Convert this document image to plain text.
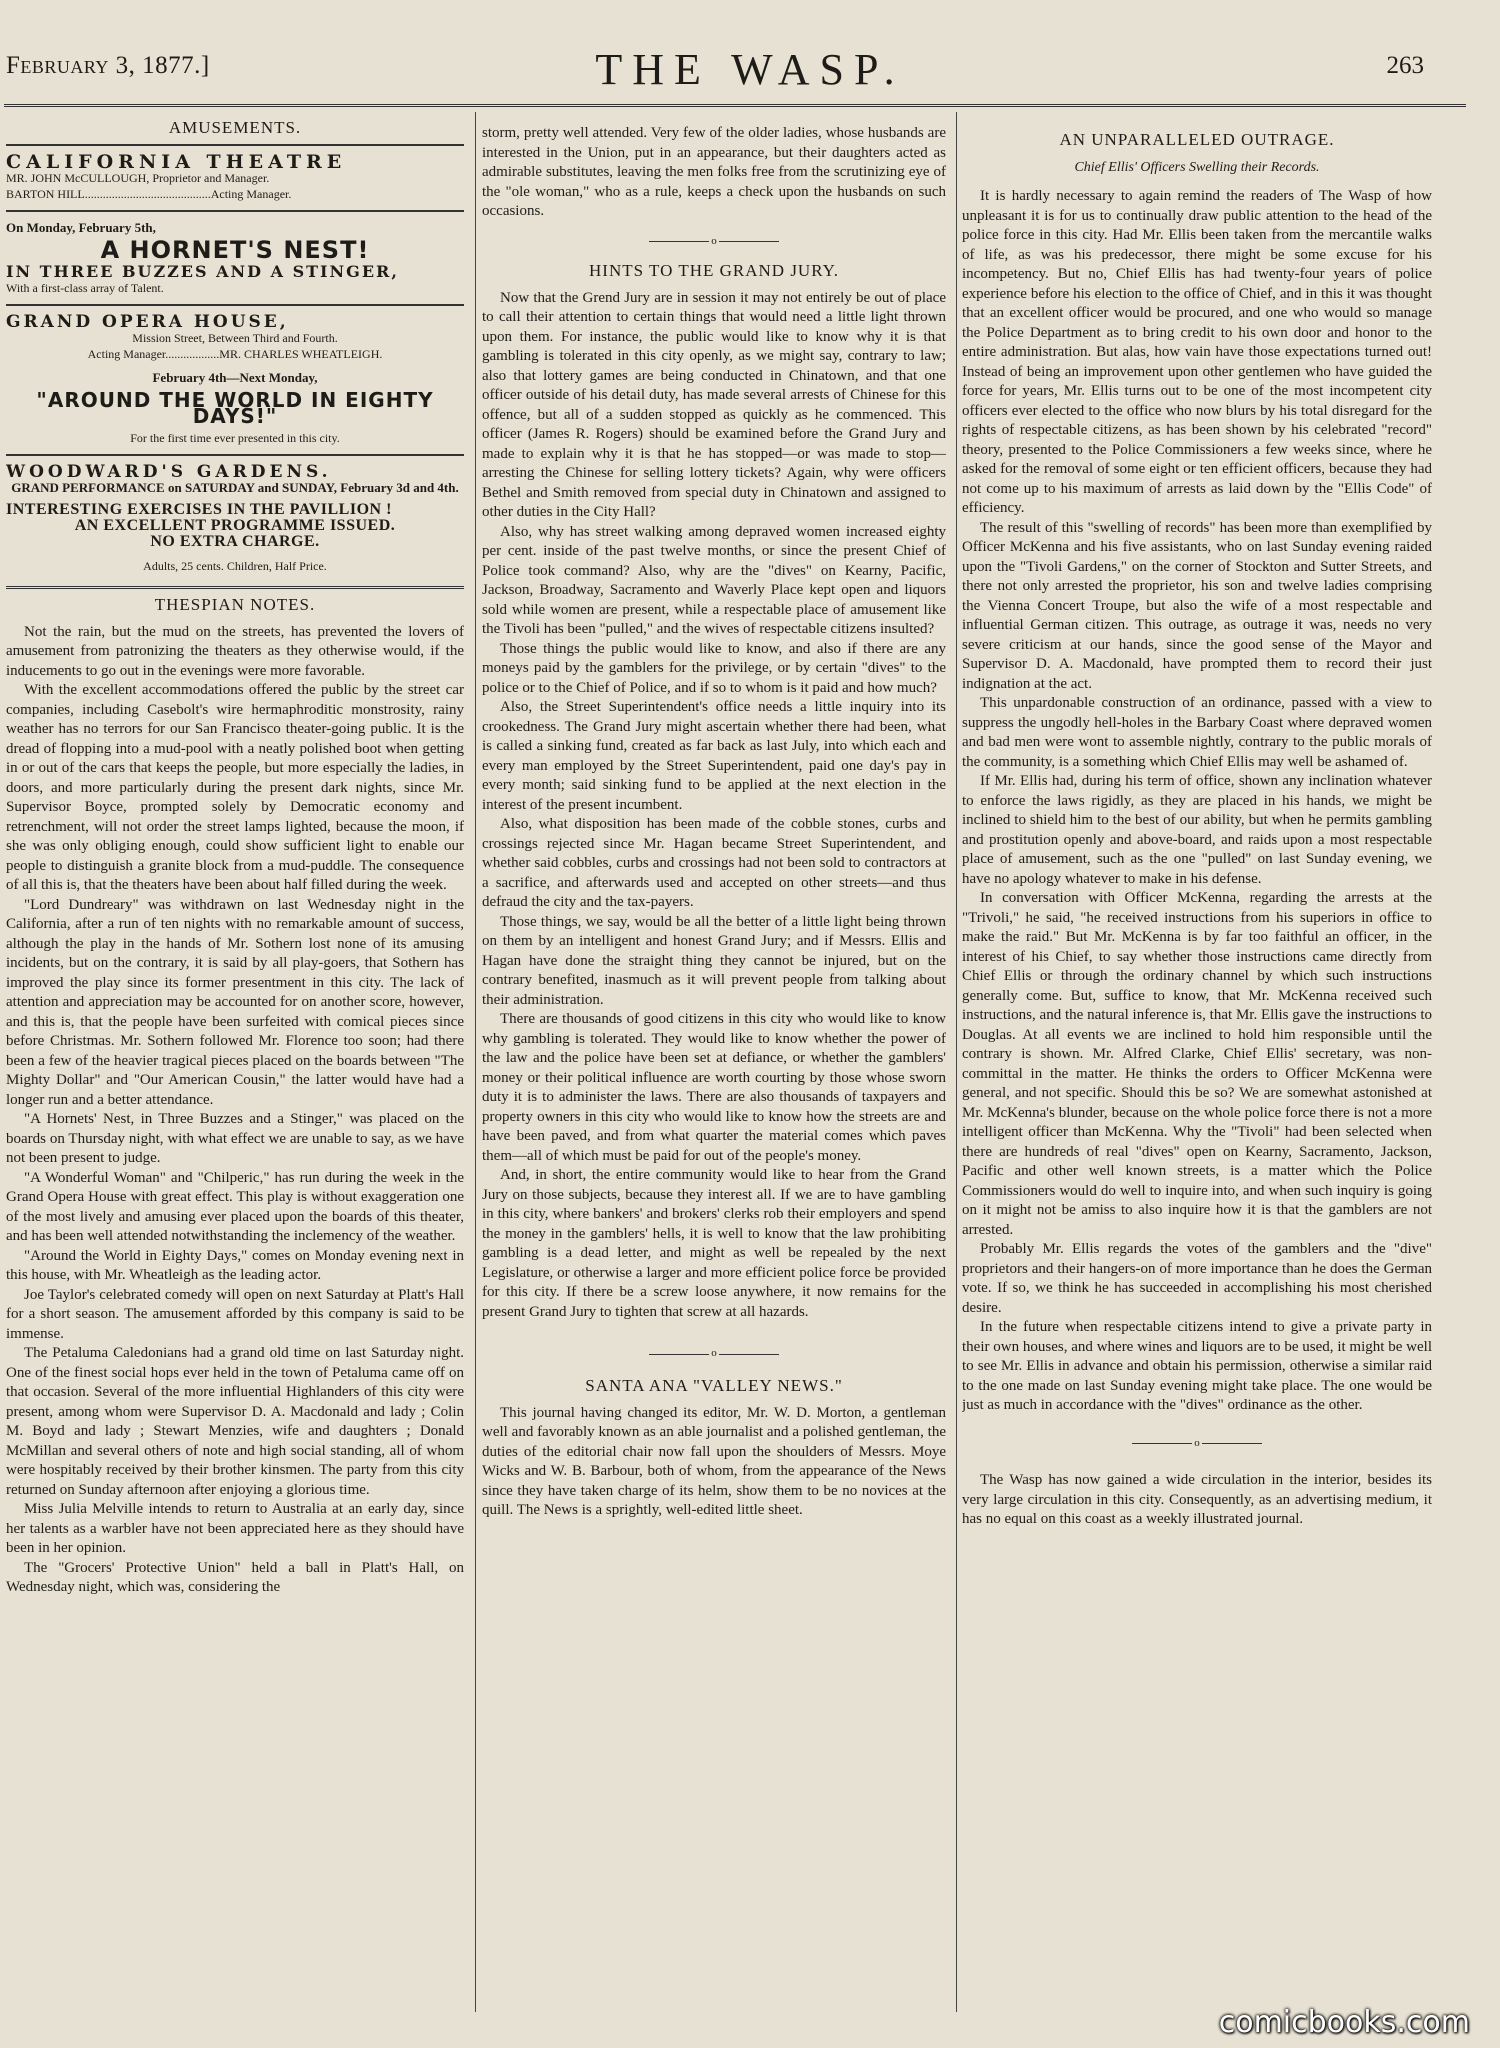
February 3, 1877.]	THE WASP.	263
AMUSEMENTS.
CALIFORNIA THEATRE
MR. JOHN McCULLOUGH, Proprietor and Manager.
BARTON HILL..........................................Acting Manager.
On Monday, February 5th,
A HORNET'S NEST!
IN THREE BUZZES AND A STINGER,
With a first-class array of Talent.
GRAND OPERA HOUSE,
Mission Street, Between Third and Fourth.
Acting Manager..................MR. CHARLES WHEATLEIGH.
February 4th—Next Monday,
"AROUND THE WORLD IN EIGHTY DAYS!"
For the first time ever presented in this city.
WOODWARD'S GARDENS.
GRAND PERFORMANCE on SATURDAY and SUNDAY, February 3d and 4th.
INTERESTING EXERCISES IN THE PAVILLION !
AN EXCELLENT PROGRAMME ISSUED.
NO EXTRA CHARGE.
Adults, 25 cents. Children, Half Price.
THESPIAN NOTES.

Not the rain, but the mud on the streets, has prevented the lovers of amusement from patronizing the theaters as they otherwise would, if the inducements to go out in the evenings were more favorable.

With the excellent accommodations offered the public by the street car companies, including Casebolt's wire hermaphroditic monstrosity, rainy weather has no terrors for our San Francisco theater-going public. It is the dread of flopping into a mud-pool with a neatly polished boot when getting in or out of the cars that keeps the people, but more especially the ladies, in doors, and more particularly during the present dark nights, since Mr. Supervisor Boyce, prompted solely by Democratic economy and retrenchment, will not order the street lamps lighted, because the moon, if she was only obliging enough, could show sufficient light to enable our people to distinguish a granite block from a mud-puddle. The consequence of all this is, that the theaters have been about half filled during the week.

"Lord Dundreary" was withdrawn on last Wednesday night in the California, after a run of ten nights with no remarkable amount of success, although the play in the hands of Mr. Sothern lost none of its amusing incidents, but on the contrary, it is said by all play-goers, that Sothern has improved the play since its former presentment in this city. The lack of attention and appreciation may be accounted for on another score, however, and this is, that the people have been surfeited with comical pieces since before Christmas. Mr. Sothern followed Mr. Florence too soon; had there been a few of the heavier tragical pieces placed on the boards between "The Mighty Dollar" and "Our American Cousin," the latter would have had a longer run and a better attendance.

"A Hornets' Nest, in Three Buzzes and a Stinger," was placed on the boards on Thursday night, with what effect we are unable to say, as we have not been present to judge.

"A Wonderful Woman" and "Chilperic," has run during the week in the Grand Opera House with great effect. This play is without exaggeration one of the most lively and amusing ever placed upon the boards of this theater, and has been well attended notwithstanding the inclemency of the weather.

"Around the World in Eighty Days," comes on Monday evening next in this house, with Mr. Wheatleigh as the leading actor.

Joe Taylor's celebrated comedy will open on next Saturday at Platt's Hall for a short season. The amusement afforded by this company is said to be immense.

The Petaluma Caledonians had a grand old time on last Saturday night. One of the finest social hops ever held in the town of Petaluma came off on that occasion. Several of the more influential Highlanders of this city were present, among whom were Supervisor D. A. Macdonald and lady ; Colin M. Boyd and lady ; Stewart Menzies, wife and daughters ; Donald McMillan and several others of note and high social standing, all of whom were hospitably received by their brother kinsmen. The party from this city returned on Sunday afternoon after enjoying a glorious time.

Miss Julia Melville intends to return to Australia at an early day, since her talents as a warbler have not been appreciated here as they should have been in her opinion.

The "Grocers' Protective Union" held a ball in Platt's Hall, on Wednesday night, which was, considering the

storm, pretty well attended. Very few of the older ladies, whose husbands are interested in the Union, put in an appearance, but their daughters acted as admirable substitutes, leaving the men folks free from the scrutinizing eye of the "ole woman," who as a rule, keeps a check upon the husbands on such occasions.

o
HINTS TO THE GRAND JURY.

Now that the Grend Jury are in session it may not entirely be out of place to call their attention to certain things that would need a little light thrown upon them. For instance, the public would like to know why it is that gambling is tolerated in this city openly, as we might say, contrary to law; also that lottery games are being conducted in Chinatown, and that one officer outside of his detail duty, has made several arrests of Chinese for this offence, but all of a sudden stopped as quickly as he commenced. This officer (James R. Rogers) should be examined before the Grand Jury and made to explain why it is that he has stopped—or was made to stop—arresting the Chinese for selling lottery tickets? Again, why were officers Bethel and Smith removed from special duty in Chinatown and assigned to other duties in the City Hall?

Also, why has street walking among depraved women increased eighty per cent. inside of the past twelve months, or since the present Chief of Police took command? Also, why are the "dives" on Kearny, Pacific, Jackson, Broadway, Sacramento and Waverly Place kept open and liquors sold while women are present, while a respectable place of amusement like the Tivoli has been "pulled," and the wives of respectable citizens insulted?

Those things the public would like to know, and also if there are any moneys paid by the gamblers for the privilege, or by certain "dives" to the police or to the Chief of Police, and if so to whom is it paid and how much?

Also, the Street Superintendent's office needs a little inquiry into its crookedness. The Grand Jury might ascertain whether there had been, what is called a sinking fund, created as far back as last July, into which each and every man employed by the Street Superintendent, paid one day's pay in every month; said sinking fund to be applied at the next election in the interest of the present incumbent.

Also, what disposition has been made of the cobble stones, curbs and crossings rejected since Mr. Hagan became Street Superintendent, and whether said cobbles, curbs and crossings had not been sold to contractors at a sacrifice, and afterwards used and accepted on other streets—and thus defraud the city and the tax-payers.

Those things, we say, would be all the better of a little light being thrown on them by an intelligent and honest Grand Jury; and if Messrs. Ellis and Hagan have done the straight thing they cannot be injured, but on the contrary benefited, inasmuch as it will prevent people from talking about their administration.

There are thousands of good citizens in this city who would like to know why gambling is tolerated. They would like to know whether the power of the law and the police have been set at defiance, or whether the gamblers' money or their political influence are worth courting by those whose sworn duty it is to administer the laws. There are also thousands of taxpayers and property owners in this city who would like to know how the streets are and have been paved, and from what quarter the material comes which paves them—all of which must be paid for out of the people's money.

And, in short, the entire community would like to hear from the Grand Jury on those subjects, because they interest all. If we are to have gambling in this city, where bankers' and brokers' clerks rob their employers and spend the money in the gamblers' hells, it is well to know that the law prohibiting gambling is a dead letter, and might as well be repealed by the next Legislature, or otherwise a larger and more efficient police force be provided for this city. If there be a screw loose anywhere, it now remains for the present Grand Jury to tighten that screw at all hazards.

o
SANTA ANA "VALLEY NEWS."

This journal having changed its editor, Mr. W. D. Morton, a gentleman well and favorably known as an able journalist and a polished gentleman, the duties of the editorial chair now fall upon the shoulders of Messrs. Moye Wicks and W. B. Barbour, both of whom, from the appearance of the News since they have taken charge of its helm, show them to be no novices at the quill. The News is a sprightly, well-edited little sheet.

AN UNPARALLELED OUTRAGE.
Chief Ellis' Officers Swelling their Records.

It is hardly necessary to again remind the readers of The Wasp of how unpleasant it is for us to continually draw public attention to the head of the police force in this city. Had Mr. Ellis been taken from the mercantile walks of life, as was his predecessor, there might be some excuse for his incompetency. But no, Chief Ellis has had twenty-four years of police experience before his election to the office of Chief, and in this it was thought that an excellent officer would be procured, and one who would so manage the Police Department as to bring credit to his own door and honor to the entire administration. But alas, how vain have those expectations turned out! Instead of being an improvement upon other gentlemen who have guided the force for years, Mr. Ellis turns out to be one of the most incompetent city officers ever elected to the office who now blurs by his total disregard for the rights of respectable citizens, as has been shown by his celebrated "record" theory, presented to the Police Commissioners a few weeks since, where he asked for the removal of some eight or ten efficient officers, because they had not come up to his maximum of arrests as laid down by the "Ellis Code" of efficiency.

The result of this "swelling of records" has been more than exemplified by Officer McKenna and his five assistants, who on last Sunday evening raided upon the "Tivoli Gardens," on the corner of Stockton and Sutter Streets, and there not only arrested the proprietor, his son and twelve ladies comprising the Vienna Concert Troupe, but also the wife of a most respectable and influential German citizen. This outrage, as outrage it was, needs no very severe criticism at our hands, since the good sense of the Mayor and Supervisor D. A. Macdonald, have prompted them to record their just indignation at the act.

This unpardonable construction of an ordinance, passed with a view to suppress the ungodly hell-holes in the Barbary Coast where depraved women and bad men were wont to assemble nightly, contrary to the public morals of the community, is a something which Chief Ellis may well be ashamed of.

If Mr. Ellis had, during his term of office, shown any inclination whatever to enforce the laws rigidly, as they are placed in his hands, we might be inclined to shield him to the best of our ability, but when he permits gambling and prostitution openly and above-board, and raids upon a most respectable place of amusement, such as the one "pulled" on last Sunday evening, we have no apology whatever to make in his defense.

In conversation with Officer McKenna, regarding the arrests at the "Trivoli," he said, "he received instructions from his superiors in office to make the raid." But Mr. McKenna is by far too faithful an officer, in the interest of his Chief, to say whether those instructions came directly from Chief Ellis or through the ordinary channel by which such instructions generally come. But, suffice to know, that Mr. McKenna received such instructions, and the natural inference is, that Mr. Ellis gave the instructions to Douglas. At all events we are inclined to hold him responsible until the contrary is shown. Mr. Alfred Clarke, Chief Ellis' secretary, was non-committal in the matter. He thinks the orders to Officer McKenna were general, and not specific. Should this be so? We are somewhat astonished at Mr. McKenna's blunder, because on the whole police force there is not a more intelligent officer than McKenna. Why the "Tivoli" had been selected when there are hundreds of real "dives" open on Kearny, Sacramento, Jackson, Pacific and other well known streets, is a matter which the Police Commissioners would do well to inquire into, and when such inquiry is going on it might not be amiss to also inquire how it is that the gamblers are not arrested.

Probably Mr. Ellis regards the votes of the gamblers and the "dive" proprietors and their hangers-on of more importance than he does the German vote. If so, we think he has succeeded in accomplishing his most cherished desire.

In the future when respectable citizens intend to give a private party in their own houses, and where wines and liquors are to be used, it might be well to see Mr. Ellis in advance and obtain his permission, otherwise a similar raid to the one made on last Sunday evening might take place. The one would be just as much in accordance with the "dives" ordinance as the other.

o

The Wasp has now gained a wide circulation in the interior, besides its very large circulation in this city. Consequently, as an advertising medium, it has no equal on this coast as a weekly illustrated journal.

comicbooks.com
